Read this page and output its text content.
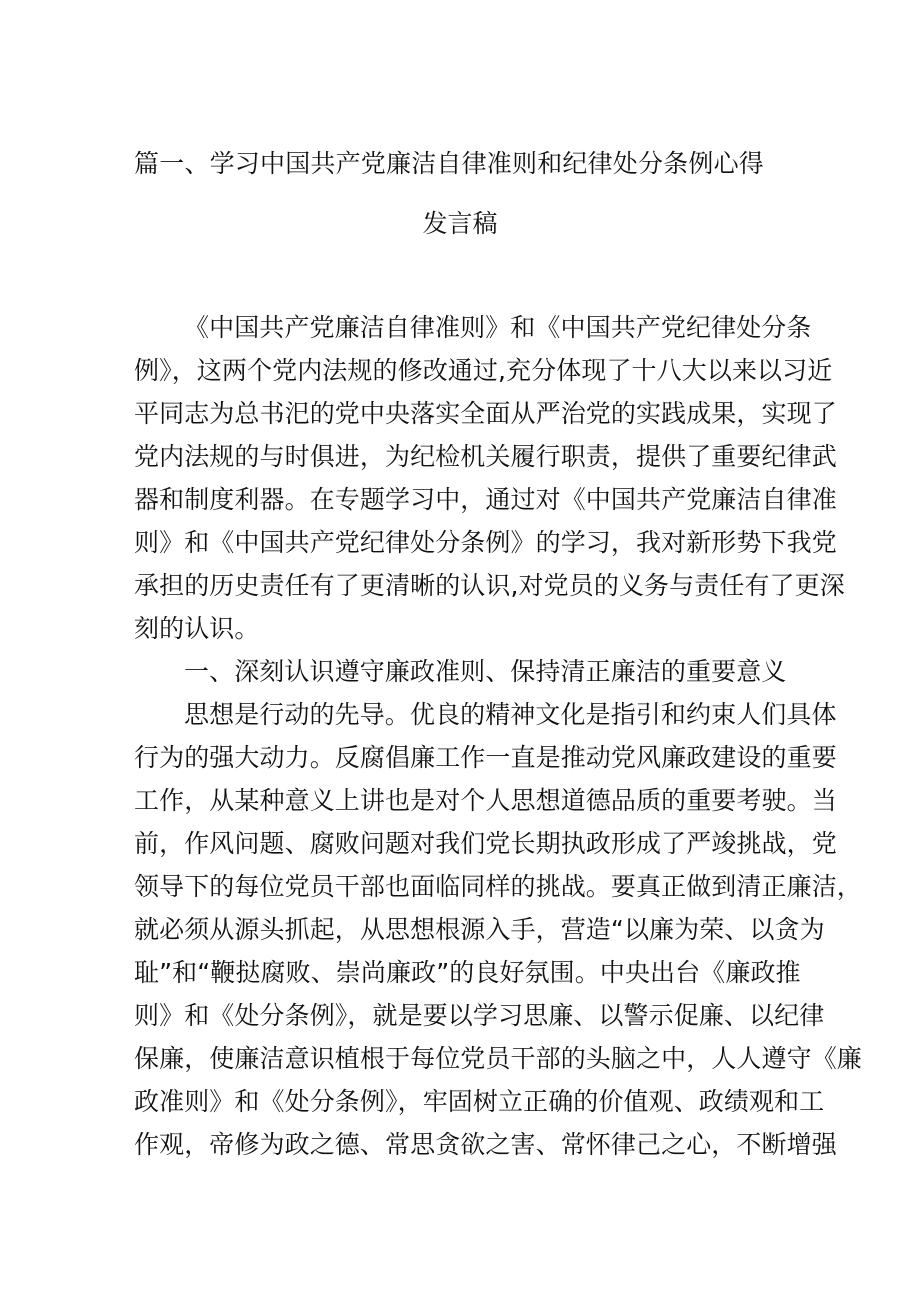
篇一、学习中国共产党廉洁自律准则和纪律处分条例心得
发言稿
《中国共产党廉洁自律准则》和《中国共产党纪律处分条
例》，这两个党内法规的修改通过,充分体现了十八大以来以习近
平同志为总书汜的党中央落实全面从严治党的实践成果，实现了
党内法规的与时俱进，为纪检机关履行职责，提供了重要纪律武
器和制度利器。在专题学习中，通过对《中国共产党廉洁自律准
则》和《中国共产党纪律处分条例》的学习，我对新形势下我党
承担的历史责任有了更清晰的认识,对党员的义务与责任有了更深
刻的认识。
一、深刻认识遵守廉政准则、保持清正廉洁的重要意义
思想是行动的先导。优良的精神文化是指引和约束人们具体
行为的强大动力。反腐倡廉工作一直是推动党风廉政建设的重要
工作，从某种意义上讲也是对个人思想道德品质的重要考驶。当
前，作风问题、腐败问题对我们党长期执政形成了严竣挑战，党
领导下的每位党员干部也面临同样的挑战。要真正做到清正廉洁，
就必须从源头抓起，从思想根源入手，营造“以廉为荣、以贪为
耻”和“鞭挞腐败、崇尚廉政”的良好氛围。中央出台《廉政推
则》和《处分条例》，就是要以学习思廉、以警示促廉、以纪律
保廉，使廉洁意识植根于每位党员干部的头脑之中，人人遵守《廉
政准则》和《处分条例》，牢固树立正确的价值观、政绩观和工
作观，帝修为政之德、常思贪欲之害、常怀律己之心，不断增强
